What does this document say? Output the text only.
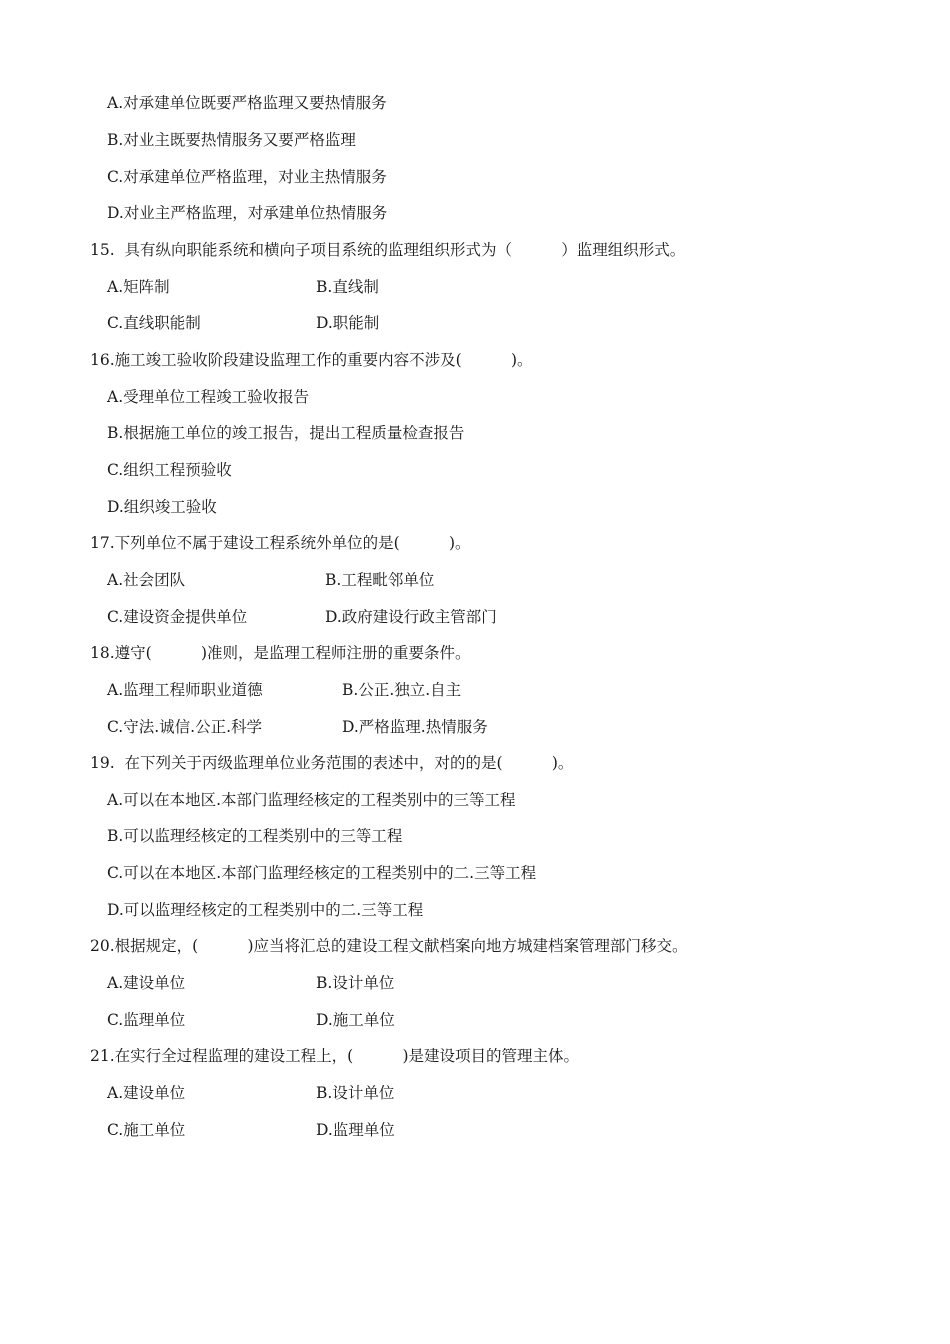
A.对承建单位既要严格监理又要热情服务
B.对业主既要热情服务又要严格监理
C.对承建单位严格监理，对业主热情服务
D.对业主严格监理，对承建单位热情服务
15.  具有纵向职能系统和横向子项目系统的监理组织形式为（          ）监理组织形式。
A.矩阵制	B.直线制
C.直线职能制	D.职能制
16.施工竣工验收阶段建设监理工作的重要内容不涉及(          )。
A.受理单位工程竣工验收报告
B.根据施工单位的竣工报告，提出工程质量检查报告
C.组织工程预验收
D.组织竣工验收
17.下列单位不属于建设工程系统外单位的是(          )。
A.社会团队	B.工程毗邻单位
C.建设资金提供单位	D.政府建设行政主管部门
18.遵守(          )准则，是监理工程师注册的重要条件。
A.监理工程师职业道德	B.公正.独立.自主
C.守法.诚信.公正.科学	D.严格监理.热情服务
19.  在下列关于丙级监理单位业务范围的表述中，对的的是(          )。
A.可以在本地区.本部门监理经核定的工程类别中的三等工程
B.可以监理经核定的工程类别中的三等工程
C.可以在本地区.本部门监理经核定的工程类别中的二.三等工程
D.可以监理经核定的工程类别中的二.三等工程
20.根据规定，(          )应当将汇总的建设工程文献档案向地方城建档案管理部门移交。
A.建设单位	B.设计单位
C.监理单位	D.施工单位
21.在实行全过程监理的建设工程上，(          )是建设项目的管理主体。
A.建设单位	B.设计单位
C.施工单位	D.监理单位
